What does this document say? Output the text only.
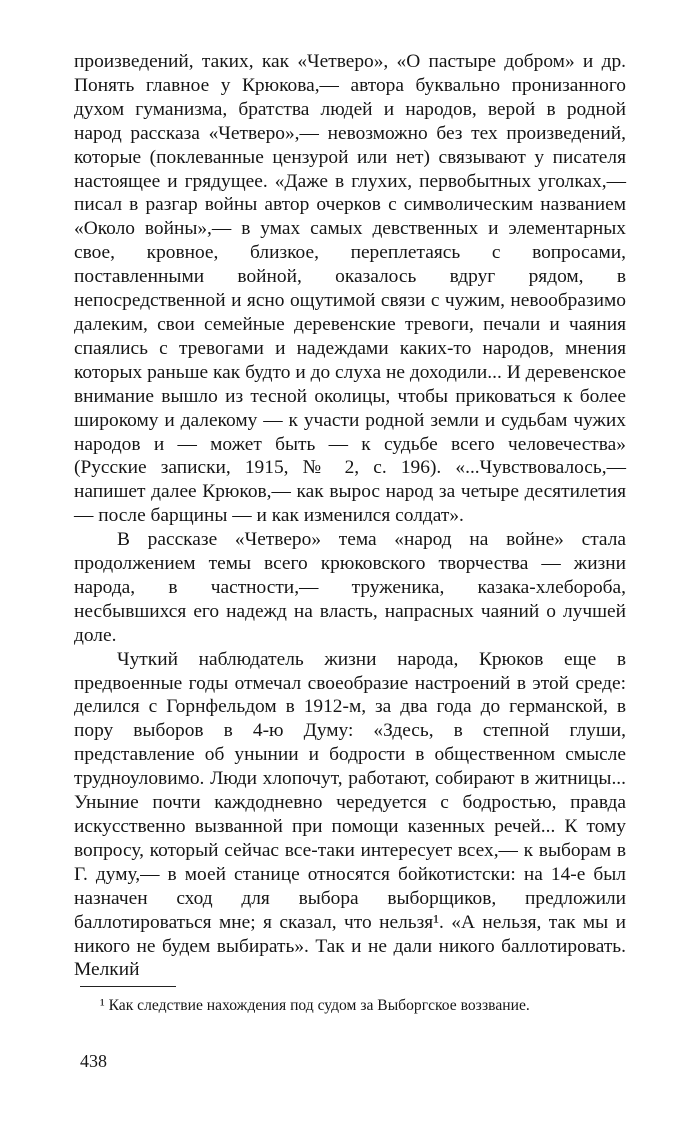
произведений, таких, как «Четверо», «О пастыре добром» и др. Понять главное у Крюкова,— автора буквально пронизанного духом гуманизма, братства людей и народов, верой в родной народ рассказа «Четверо»,— невозможно без тех произведений, которые (поклеванные цензурой или нет) связывают у писателя настоящее и грядущее. «Даже в глухих, первобытных уголках,— писал в разгар войны автор очерков с символическим названием «Около войны»,— в умах самых девственных и элементарных свое, кровное, близкое, переплетаясь с вопросами, поставленными войной, оказалось вдруг рядом, в непосредственной и ясно ощутимой связи с чужим, невообразимо далеким, свои семейные деревенские тревоги, печали и чаяния спаялись с тревогами и надеждами каких-то народов, мнения которых раньше как будто и до слуха не доходили... И деревенское внимание вышло из тесной околицы, чтобы приковаться к более широкому и далекому — к участи родной земли и судьбам чужих народов и — может быть — к судьбе всего человечества» (Русские записки, 1915, № 2, с. 196). «...Чувствовалось,— напишет далее Крюков,— как вырос народ за четыре десятилетия — после барщины — и как изменился солдат».

В рассказе «Четверо» тема «народ на войне» стала продолжением темы всего крюковского творчества — жизни народа, в частности,— труженика, казака-хлебороба, несбывшихся его надежд на власть, напрасных чаяний о лучшей доле.

Чуткий наблюдатель жизни народа, Крюков еще в предвоенные годы отмечал своеобразие настроений в этой среде: делился с Горнфельдом в 1912-м, за два года до германской, в пору выборов в 4-ю Думу: «Здесь, в степной глуши, представление об унынии и бодрости в общественном смысле трудноуловимо. Люди хлопочут, работают, собирают в житницы... Уныние почти каждодневно чередуется с бодростью, правда искусственно вызванной при помощи казенных речей... К тому вопросу, который сейчас все-таки интересует всех,— к выборам в Г. думу,— в моей станице относятся бойкотистски: на 14-е был назначен сход для выбора выборщиков, предложили баллотироваться мне; я сказал, что нельзя¹. «А нельзя, так мы и никого не будем выбирать». Так и не дали никого баллотировать. Мелкий

¹ Как следствие нахождения под судом за Выборгское воззвание.
438
